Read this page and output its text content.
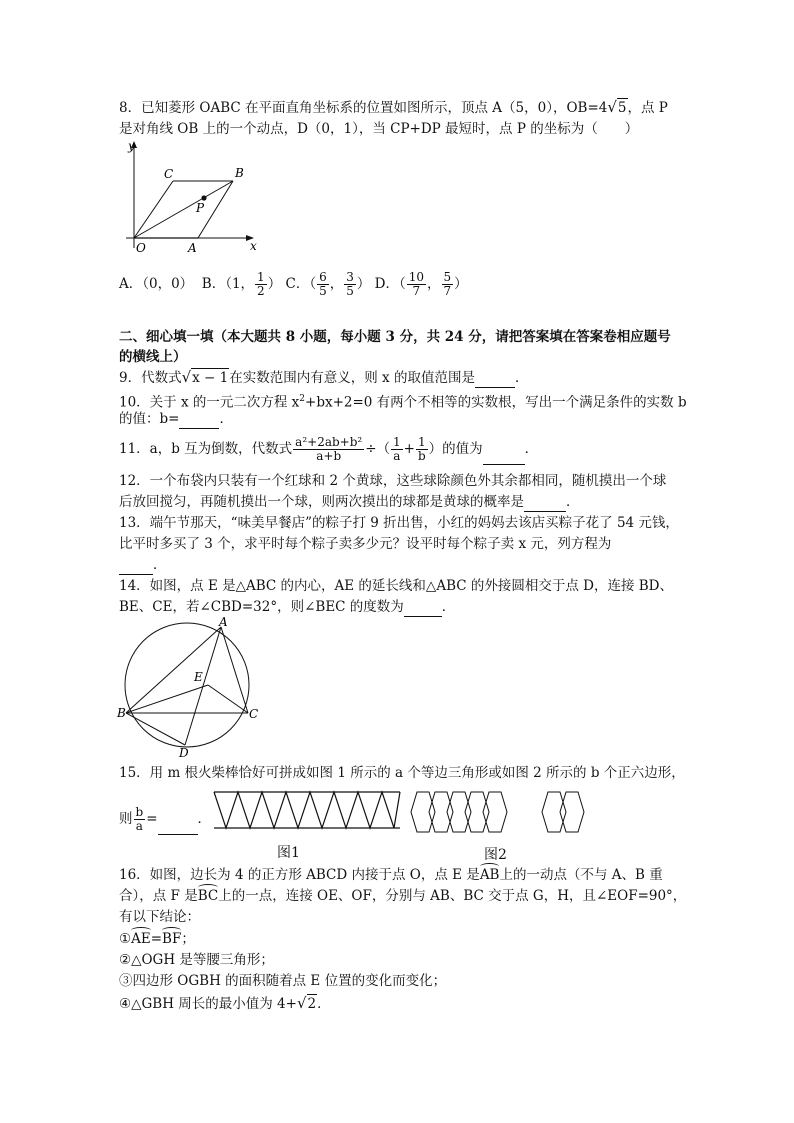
8．已知菱形 OABC 在平面直角坐标系的位置如图所示，顶点 A（5，0），OB=4√5，点 P
是对角线 OB 上的一个动点，D（0，1），当 CP+DP 最短时，点 P 的坐标为（　　）
y
x
O	A
B
C
P
A．（0，0） B．（1， $\frac{1}{2}$ ） C．（ $\frac{6}{5}$ ， $\frac{3}{5}$ ） D．（ $\frac{10}{7}$ ， $\frac{5}{7}$ ）
二、细心填一填（本大题共 8 小题，每小题 3 分，共 24 分，请把答案填在答案卷相应题号
的横线上）
9．代数式√x − 1在实数范围内有意义，则 x 的取值范围是	．
10．关于 x 的一元二次方程 $x^2+bx+2=0$ 有两个不相等的实数根，写出一个满足条件的实数 b
的值：b=	．
11．a，b 互为倒数，代数式 $\frac{\text{a²+2ab+b²}}{a+b}$ ÷（ $\frac{1}{a} + \frac{1}{b}$ ）的值为	．
12．一个布袋内只装有一个红球和 2 个黄球，这些球除颜色外其余都相同，随机摸出一个球
后放回搅匀，再随机摸出一个球，则两次摸出的球都是黄球的概率是	．
13．端午节那天，“味美早餐店”的粽子打 9 折出售，小红的妈妈去该店买粽子花了 54 元钱，
比平时多买了 3 个，求平时每个粽子卖多少元？设平时每个粽子卖 x 元，列方程为
．
14．如图，点 E 是△ABC 的内心，AE 的延长线和△ABC 的外接圆相交于点 D，连接 BD、
BE、CE，若∠CBD=32°，则∠BEC 的度数为	．
A
B	C
D
E
15．用 m 根火柴棒恰好可拼成如图 1 所示的 a 个等边三角形或如图 2 所示的 b 个正六边形，
则 $\frac{b}{a}$ =	．
图1	图2
16．如图，边长为 4 的正方形 ABCD 内接于点 O，点 E 是AB上的一动点（不与 A、B 重
合），点 F 是BC上的一点，连接 OE、OF，分别与 AB、BC 交于点 G，H，且∠EOF=90°，
有以下结论：
①AE=BF；
②△OGH 是等腰三角形；
③四边形 OGBH 的面积随着点 E 位置的变化而变化；
④△GBH 周长的最小值为 4+√2．
